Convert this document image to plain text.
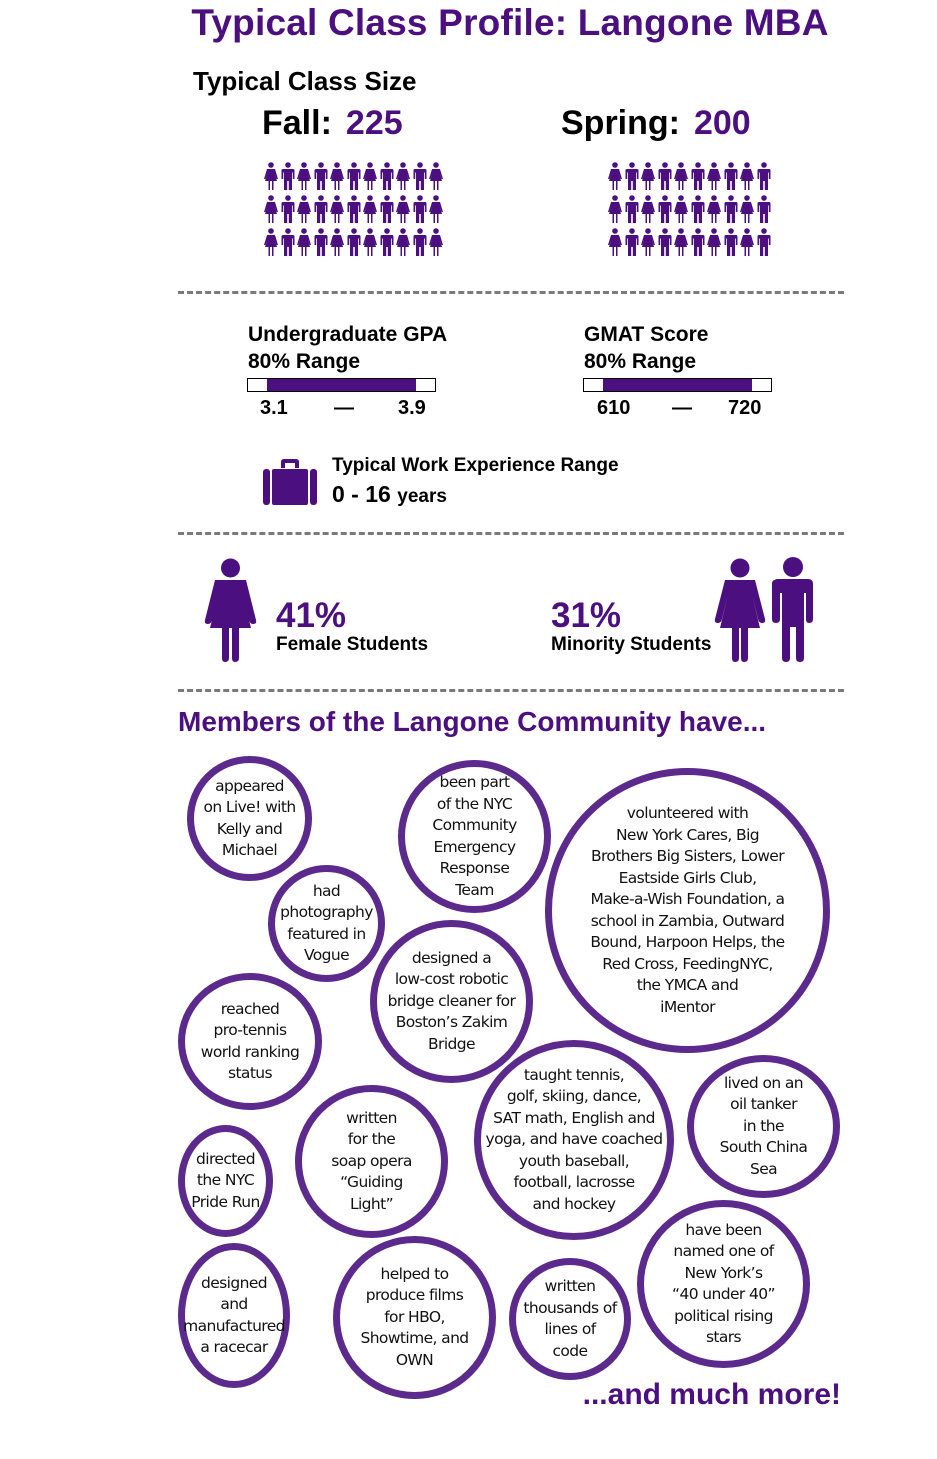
Typical Class Profile: Langone MBA
Typical Class Size
Fall: 225	Spring: 200
Undergraduate GPA
80% Range
3.1 — 3.9
GMAT Score
80% Range
610 — 720
Typical Work Experience Range
0 - 16 years
41%
Female Students
31%
Minority Students
Members of the Langone Community have...
appeared
on Live! with
Kelly and
Michael
been part
of the NYC
Community
Emergency
Response
Team
volunteered with
New York Cares, Big
Brothers Big Sisters, Lower
Eastside Girls Club,
Make-a-Wish Foundation, a
school in Zambia, Outward
Bound, Harpoon Helps, the
Red Cross, FeedingNYC,
the YMCA and
iMentor
had
photography
featured in
Vogue	designed a
low-cost robotic
bridge cleaner for
Boston’s Zakim
Bridge
reached
pro-tennis
world ranking
status
written
for the
soap opera
“Guiding
Light”
taught tennis,
golf, skiing, dance,
SAT math, English and
yoga, and have coached
youth baseball,
football, lacrosse
and hockey
lived on an
oil tanker
in the
South China
Sea
directed
the NYC
Pride Run
designed
and
manufactured
a racecar
helped to
produce films
for HBO,
Showtime, and
OWN
written
thousands of
lines of
code
have been
named one of
New York’s
“40 under 40”
political rising
stars
...and much more!
